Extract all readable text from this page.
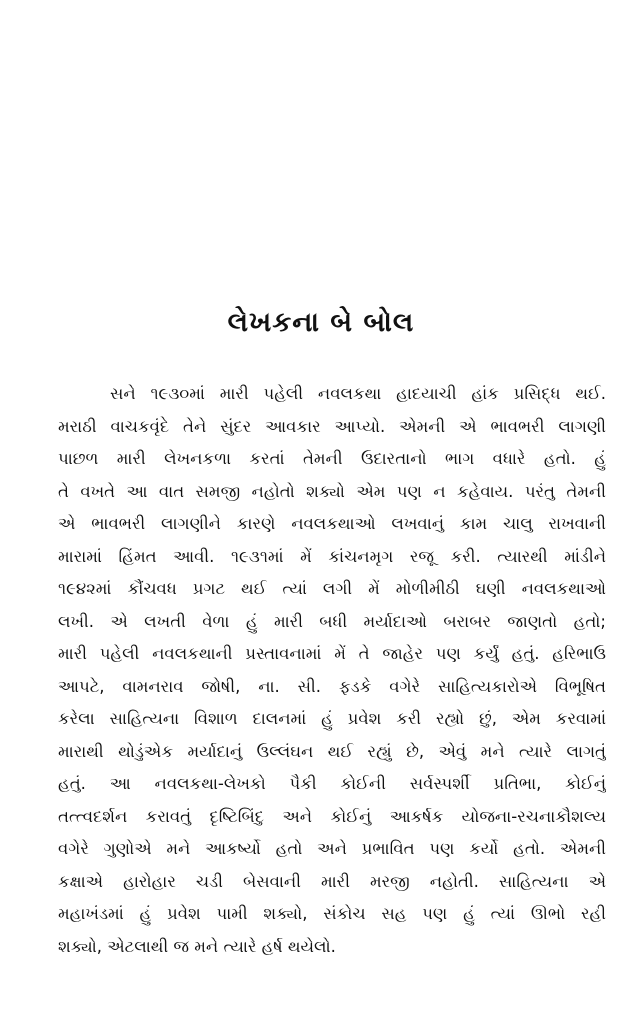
લેખકના બે બોલ
સને ૧૯૩૦માં મારી પહેલી નવલકથા હાદયાચી હાંક પ્રસિદ્ધ થઈ.
મરાઠી વાચકવૃંદે તેને સુંદર આવકાર આપ્યો. એમની એ ભાવભરી લાગણી
પાછળ મારી લેખનકળા કરતાં તેમની ઉદારતાનો ભાગ વધારે હતો. હું
તે વખતે આ વાત સમજી નહોતો શક્યો એમ પણ ન કહેવાય. પરંતુ તેમની
એ ભાવભરી લાગણીને કારણે નવલકથાઓ લખવાનું કામ ચાલુ રાખવાની
મારામાં હિંમત આવી. ૧૯૩૧માં મેં કાંચનમૃગ રજૂ કરી. ત્યારથી માંડીને
૧૯૪૨માં કૌંચવધ પ્રગટ થઈ ત્યાં લગી મેં મોળીમીઠી ઘણી નવલકથાઓ
લખી. એ લખતી વેળા હું મારી બધી મર્યાદાઓ બરાબર જાણતો હતો;
મારી પહેલી નવલકથાની પ્રસ્તાવનામાં મેં તે જાહેર પણ કર્યું હતું. હરિભાઉ
આપટે, વામનરાવ જોષી, ના. સી. ફડકે વગેરે સાહિત્યકારોએ વિભૂષિત
કરેલા સાહિત્યના વિશાળ દાલનમાં હું પ્રવેશ કરી રહ્યો છું, એમ કરવામાં
મારાથી થોડુંએક મર્યાદાનું ઉલ્લંઘન થઈ રહ્યું છે, એવું મને ત્યારે લાગતું
હતું. આ નવલકથા-લેખકો પૈકી કોઈની સર્વસ્પર્શી પ્રતિભા, કોઈનું
તત્ત્વદર્શન કરાવતું દૃષ્ટિબિંદુ અને કોઈનું આકર્ષક યોજના-રચનાકૌશલ્ય
વગેરે ગુણોએ મને આકર્ષ્યો હતો અને પ્રભાવિત પણ કર્યો હતો. એમની
કક્ષાએ હારોહાર ચડી બેસવાની મારી મરજી નહોતી. સાહિત્યના એ
મહાખંડમાં હું પ્રવેશ પામી શક્યો, સંકોચ સહ પણ હું ત્યાં ઊભો રહી
શક્યો, એટલાથી જ મને ત્યારે હર્ષ થયેલો.
